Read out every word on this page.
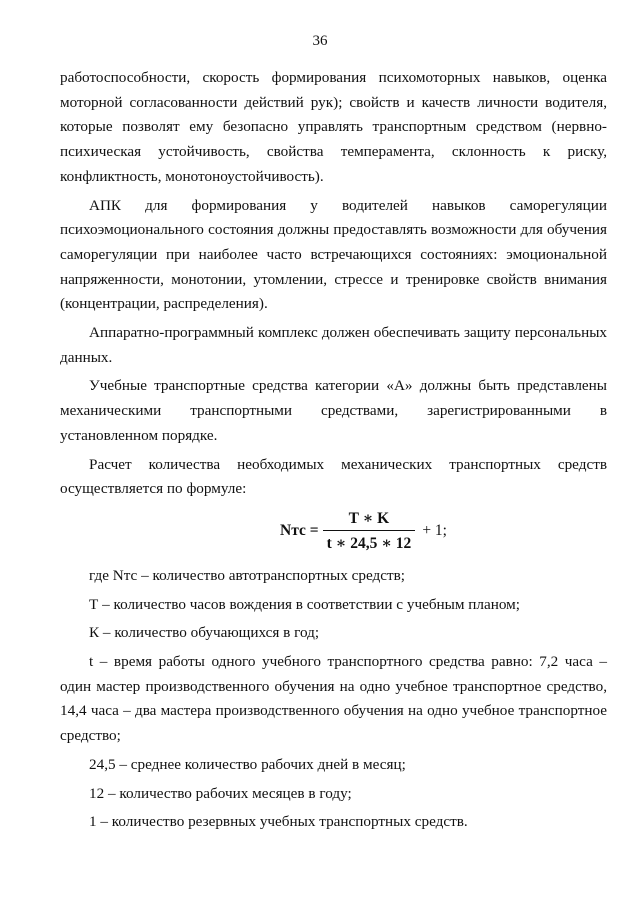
36

работоспособности, скорость формирования психомоторных навыков, оценка моторной согласованности действий рук); свойств и качеств личности водителя, которые позволят ему безопасно управлять транспортным средством (нервно-психическая устойчивость, свойства темперамента, склонность к риску, конфликтность, монотоноустойчивость).

АПК для формирования у водителей навыков саморегуляции психоэмоционального состояния должны предоставлять возможности для обучения саморегуляции при наиболее часто встречающихся состояниях: эмоциональной напряженности, монотонии, утомлении, стрессе и тренировке свойств внимания (концентрации, распределения).

Аппаратно-программный комплекс должен обеспечивать защиту персональных данных.

Учебные транспортные средства категории «А» должны быть представлены механическими транспортными средствами, зарегистрированными в установленном порядке.

Расчет количества необходимых механических транспортных средств осуществляется по формуле:

Nтс = $\frac{T ∗ K}{t ∗ 24,5 ∗ 12} + 1$;

где Nтс – количество автотранспортных средств;

Т – количество часов вождения в соответствии с учебным планом;

К – количество обучающихся в год;

t – время работы одного учебного транспортного средства равно: 7,2 часа – один мастер производственного обучения на одно учебное транспортное средство, 14,4 часа – два мастера производственного обучения на одно учебное транспортное средство;

24,5 – среднее количество рабочих дней в месяц;

12 – количество рабочих месяцев в году;

1 – количество резервных учебных транспортных средств.
